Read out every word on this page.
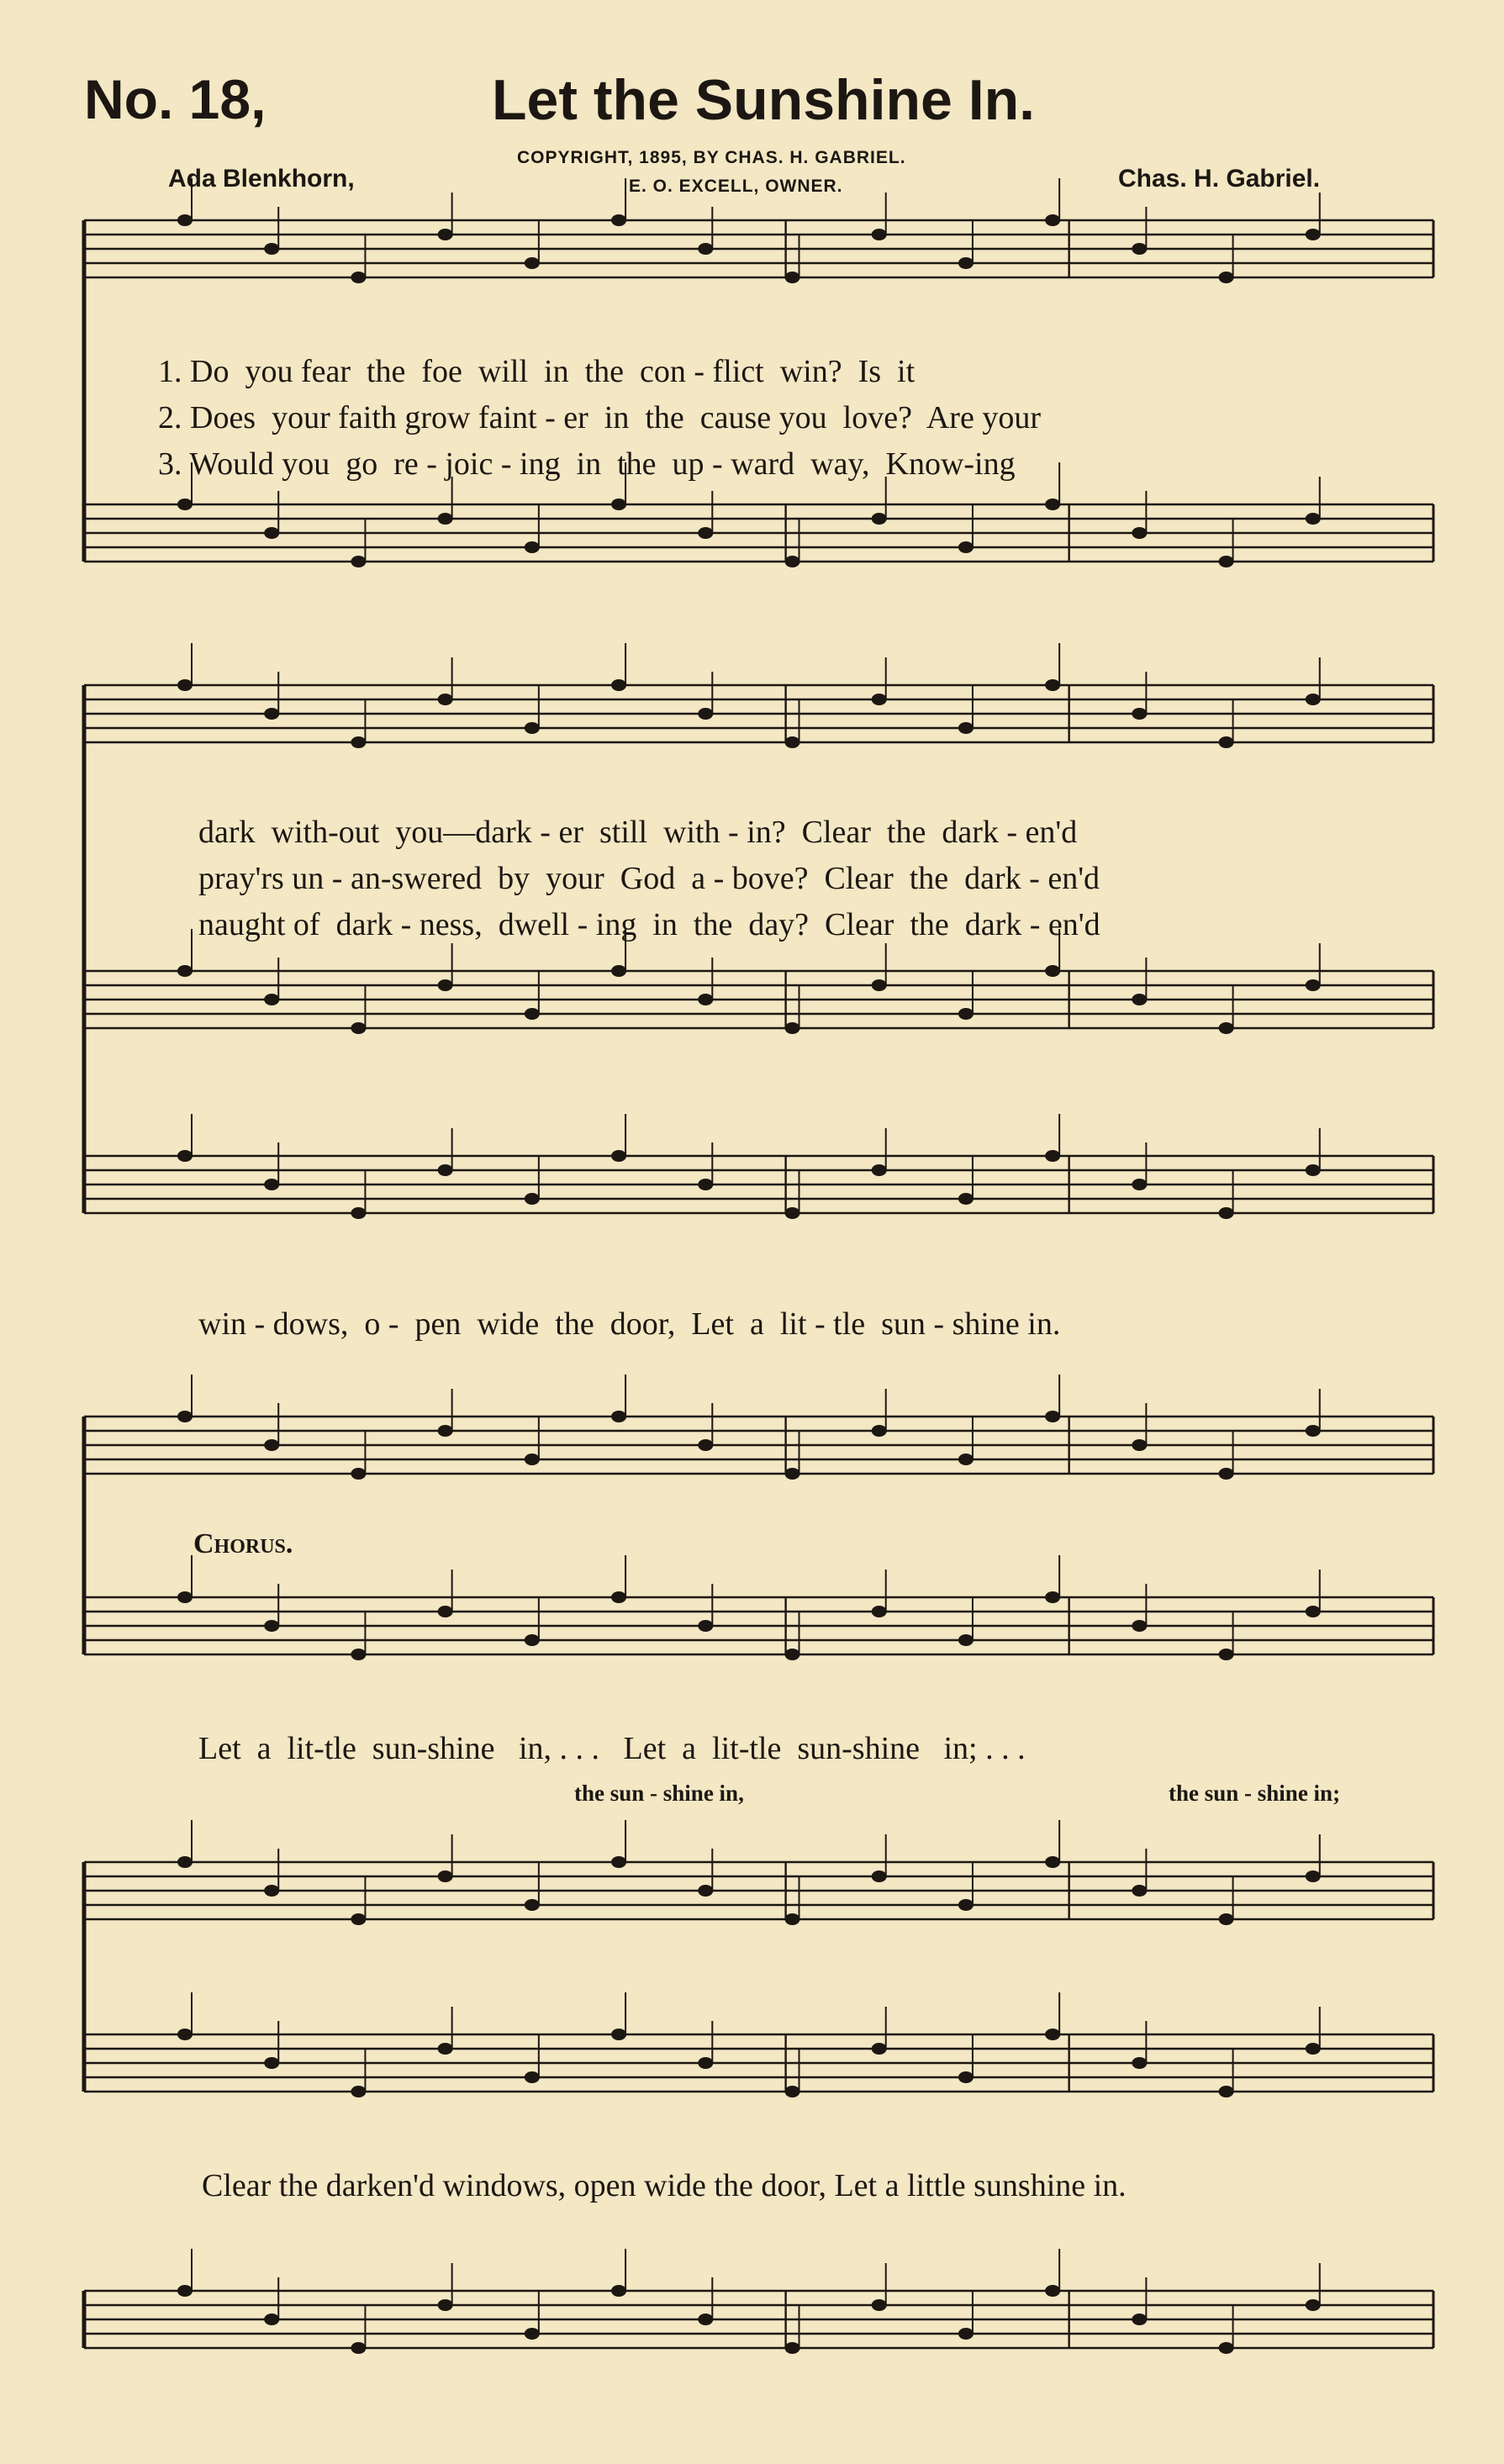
No. 18,	Let the Sunshine In.
COPYRIGHT, 1895, BY CHAS. H. GABRIEL.
E. O. EXCELL, OWNER.
Ada Blenkhorn,	Chas. H. Gabriel.
1. Do  you fear  the  foe  will  in  the  con - flict  win?  Is  it
2. Does  your faith grow faint - er  in  the  cause you  love?  Are your
3. Would you  go  re - joic - ing  in  the  up - ward  way,  Know-ing
dark  with-out  you—dark - er  still  with - in?  Clear  the  dark - en'd
pray'rs un - an-swered  by  your  God  a - bove?  Clear  the  dark - en'd
naught of  dark - ness,  dwell - ing  in  the  day?  Clear  the  dark - en'd
win - dows,  o -  pen  wide  the  door,  Let  a  lit - tle  sun - shine in.
Chorus.
Let  a  lit-tle  sun-shine   in, . . .   Let  a  lit-tle  sun-shine   in; . . .
the sun - shine in,	the sun - shine in;
Clear the darken'd windows, open wide the door, Let a little sunshine in.
